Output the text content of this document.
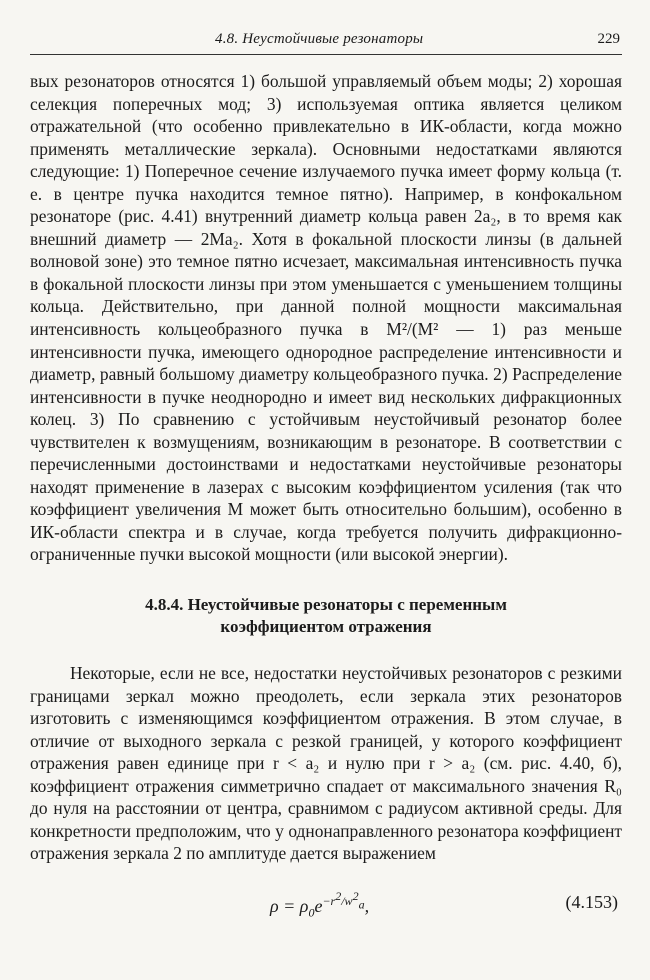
4.8. Неустойчивые резонаторы	229

вых резонаторов относятся 1) большой управляемый объем моды; 2) хорошая селекция поперечных мод; 3) используемая оптика является целиком отражательной (что особенно привлекательно в ИК-области, когда можно применять металлические зеркала). Основными недостатками являются следующие: 1) Поперечное сечение излучаемого пучка имеет форму кольца (т. е. в центре пучка находится темное пятно). Например, в конфокальном резонаторе (рис. 4.41) внутренний диаметр кольца равен 2a₂, в то время как внешний диаметр — 2Ma₂. Хотя в фокальной плоскости линзы (в дальней волновой зоне) это темное пятно исчезает, максимальная интенсивность пучка в фокальной плоскости линзы при этом уменьшается с уменьшением толщины кольца. Действительно, при данной полной мощности максимальная интенсивность кольцеобразного пучка в M²/(M² — 1) раз меньше интенсивности пучка, имеющего однородное распределение интенсивности и диаметр, равный большому диаметру кольцеобразного пучка. 2) Распределение интенсивности в пучке неоднородно и имеет вид нескольких дифракционных колец. 3) По сравнению с устойчивым неустойчивый резонатор более чувствителен к возмущениям, возникающим в резонаторе. В соответствии с перечисленными достоинствами и недостатками неустойчивые резонаторы находят применение в лазерах с высоким коэффициентом усиления (так что коэффициент увеличения M может быть относительно большим), особенно в ИК-области спектра и в случае, когда требуется получить дифракционно-ограниченные пучки высокой мощности (или высокой энергии).

4.8.4. Неустойчивые резонаторы с переменным
коэффициентом отражения

Некоторые, если не все, недостатки неустойчивых резонаторов с резкими границами зеркал можно преодолеть, если зеркала этих резонаторов изготовить с изменяющимся коэффициентом отражения. В этом случае, в отличие от выходного зеркала с резкой границей, у которого коэффициент отражения равен единице при r < a₂ и нулю при r > a₂ (см. рис. 4.40, б), коэффициент отражения симметрично спадает от максимального значения R₀ до нуля на расстоянии от центра, сравнимом с радиусом активной среды. Для конкретности предположим, что у однонаправленного резонатора коэффициент отражения зеркала 2 по амплитуде дается выражением

$\rho = \rho_0e^{-r^2/w^2_a}$,	(4.153)
